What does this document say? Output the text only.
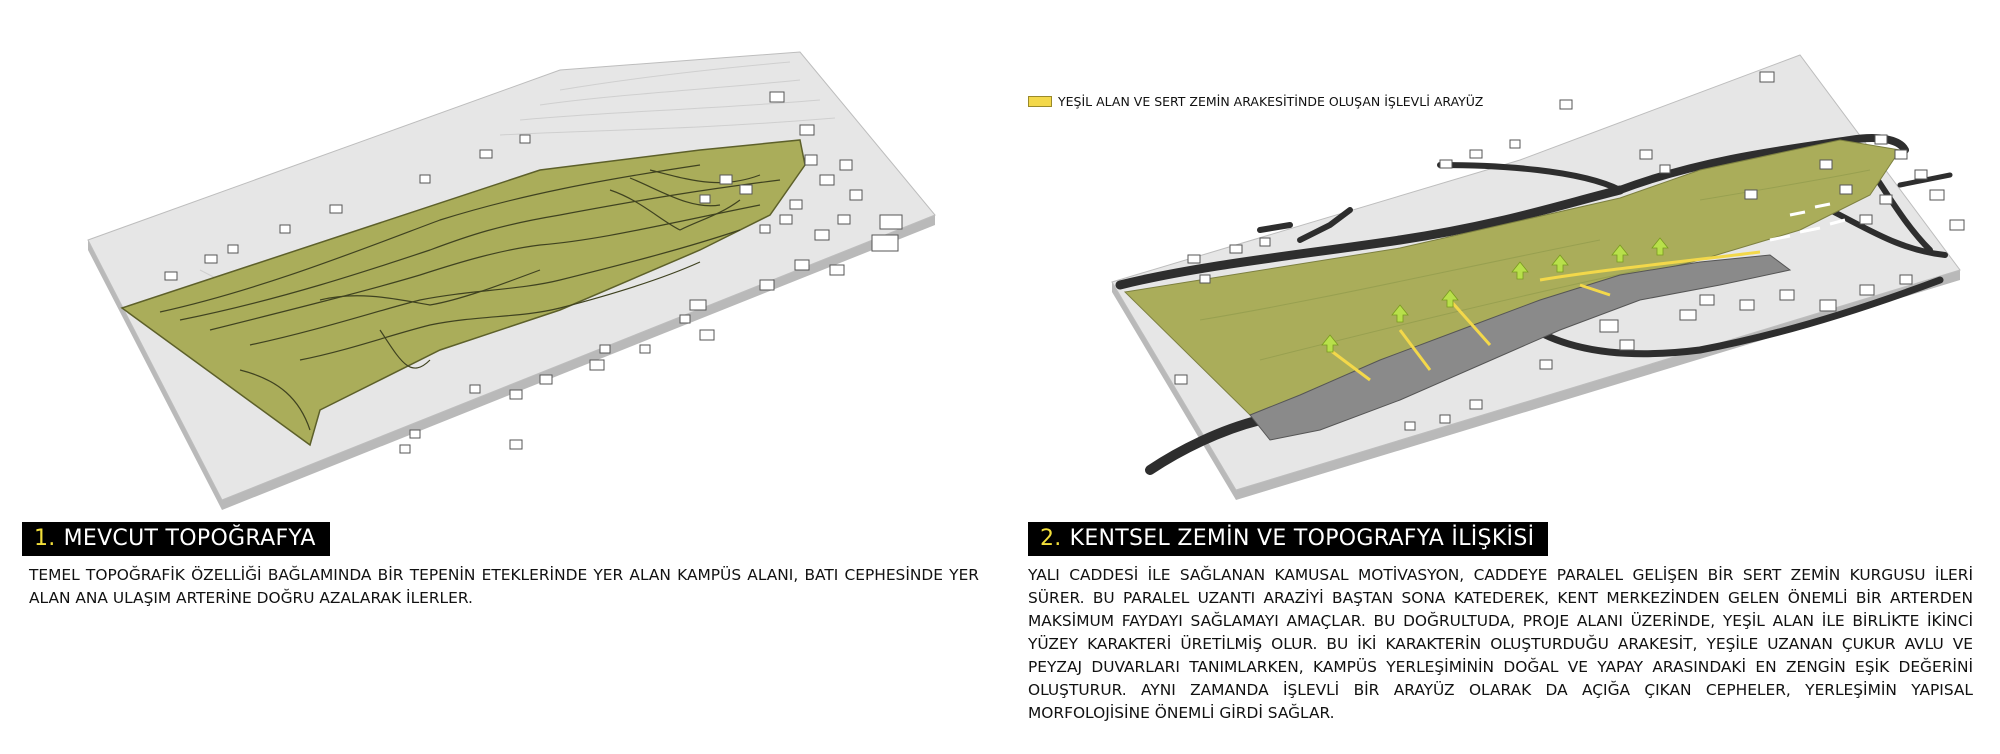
1. MEVCUT TOPOĞRAFYA
TEMEL TOPOĞRAFİK ÖZELLİĞİ BAĞLAMINDA BİR TEPENİN ETEKLERİNDE YER ALAN KAMPÜS ALANI, BATI CEPHESİNDE YER ALAN ANA ULAŞIM ARTERİNE DOĞRU AZALARAK İLERLER.
YEŞİL ALAN VE SERT ZEMİN ARAKESİTİNDE OLUŞAN İŞLEVLİ ARAYÜZ
2. KENTSEL ZEMİN VE TOPOGRAFYA İLİŞKİSİ
YALI CADDESİ İLE SAĞLANAN KAMUSAL MOTİVASYON, CADDEYE PARALEL GELİŞEN BİR SERT ZEMİN KURGUSU İLERİ SÜRER. BU PARALEL UZANTI ARAZİYİ BAŞTAN SONA KATEDEREK, KENT MERKEZİNDEN GELEN ÖNEMLİ BİR ARTERDEN MAKSİMUM FAYDAYI SAĞLAMAYI AMAÇLAR. BU DOĞRULTUDA, PROJE ALANI ÜZERİNDE, YEŞİL ALAN İLE BİRLİKTE İKİNCİ YÜZEY KARAKTERİ ÜRETİLMİŞ OLUR. BU İKİ KARAKTERİN OLUŞTURDUĞU ARAKESİT, YEŞİLE UZANAN ÇUKUR AVLU VE PEYZAJ DUVARLARI TANIMLARKEN, KAMPÜS YERLEŞİMİNİN DOĞAL VE YAPAY ARASINDAKİ EN ZENGİN EŞİK DEĞERİNİ OLUŞTURUR. AYNI ZAMANDA İŞLEVLİ BİR ARAYÜZ OLARAK DA AÇIĞA ÇIKAN CEPHELER, YERLEŞİMİN YAPISAL MORFOLOJİSİNE ÖNEMLİ GİRDİ SAĞLAR.
